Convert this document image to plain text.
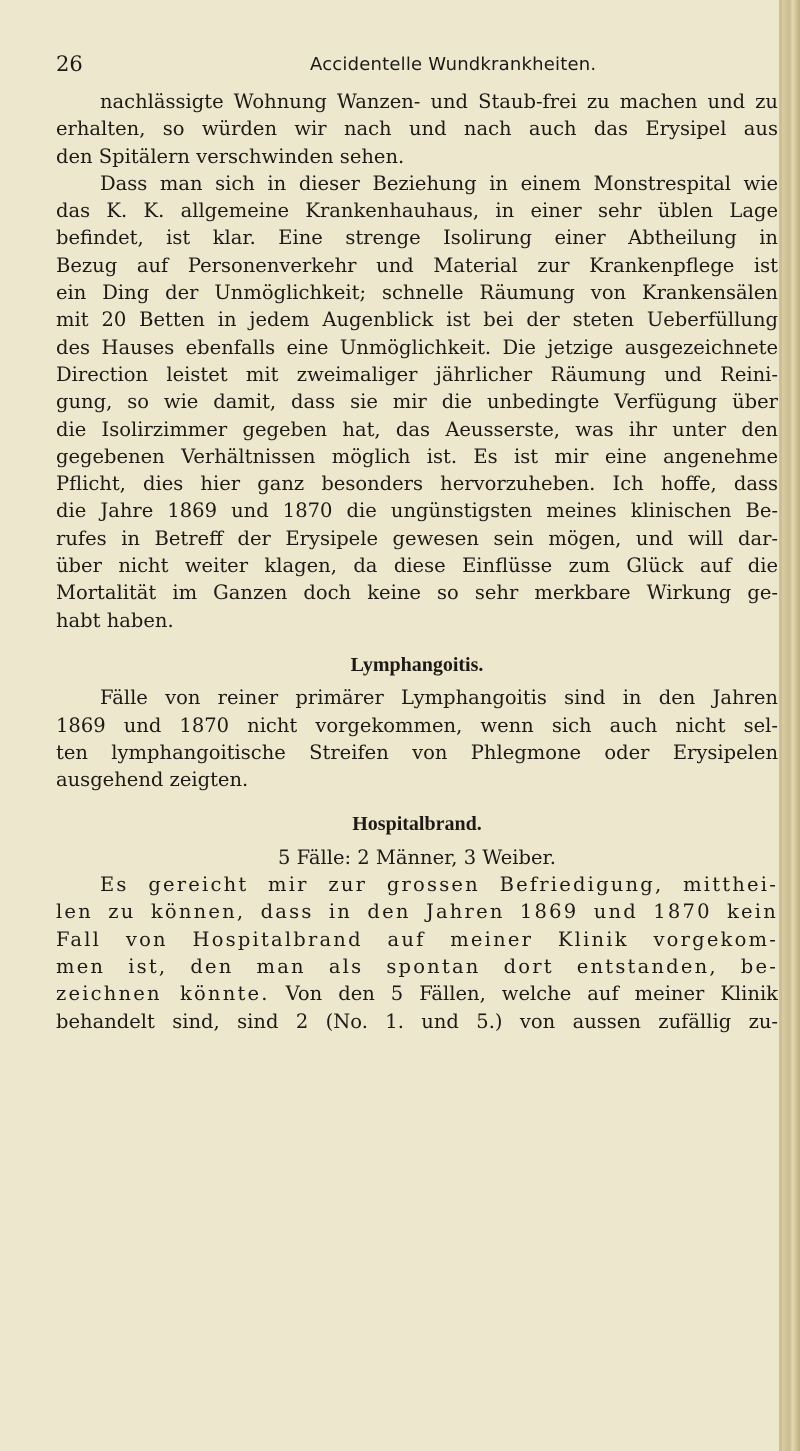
26	Accidentelle Wundkrankheiten.
nachlässigte Wohnung Wanzen- und Staub-frei zu machen und zu
erhalten, so würden wir nach und nach auch das Erysipel aus
den Spitälern verschwinden sehen.
Dass man sich in dieser Beziehung in einem Monstrespital wie
das K. K. allgemeine Krankenhauhaus, in einer sehr üblen Lage
befindet, ist klar. Eine strenge Isolirung einer Abtheilung in
Bezug auf Personenverkehr und Material zur Krankenpflege ist
ein Ding der Unmöglichkeit; schnelle Räumung von Krankensälen
mit 20 Betten in jedem Augenblick ist bei der steten Ueberfüllung
des Hauses ebenfalls eine Unmöglichkeit. Die jetzige ausgezeichnete
Direction leistet mit zweimaliger jährlicher Räumung und Reini-
gung, so wie damit, dass sie mir die unbedingte Verfügung über
die Isolirzimmer gegeben hat, das Aeusserste, was ihr unter den
gegebenen Verhältnissen möglich ist. Es ist mir eine angenehme
Pflicht, dies hier ganz besonders hervorzuheben. Ich hoffe, dass
die Jahre 1869 und 1870 die ungünstigsten meines klinischen Be-
rufes in Betreff der Erysipele gewesen sein mögen, und will dar-
über nicht weiter klagen, da diese Einflüsse zum Glück auf die
Mortalität im Ganzen doch keine so sehr merkbare Wirkung ge-
habt haben.
Lymphangoitis.
Fälle von reiner primärer Lymphangoitis sind in den Jahren
1869 und 1870 nicht vorgekommen, wenn sich auch nicht sel-
ten lymphangoitische Streifen von Phlegmone oder Erysipelen
ausgehend zeigten.
Hospitalbrand.
5 Fälle: 2 Männer, 3 Weiber.
Es gereicht mir zur grossen Befriedigung, mitthei-
len zu können, dass in den Jahren 1869 und 1870 kein
Fall von Hospitalbrand auf meiner Klinik vorgekom-
men ist, den man als spontan dort entstanden, be-
zeichnen könnte. Von den 5 Fällen, welche auf meiner Klinik
behandelt sind, sind 2 (No. 1. und 5.) von aussen zufällig zu-
